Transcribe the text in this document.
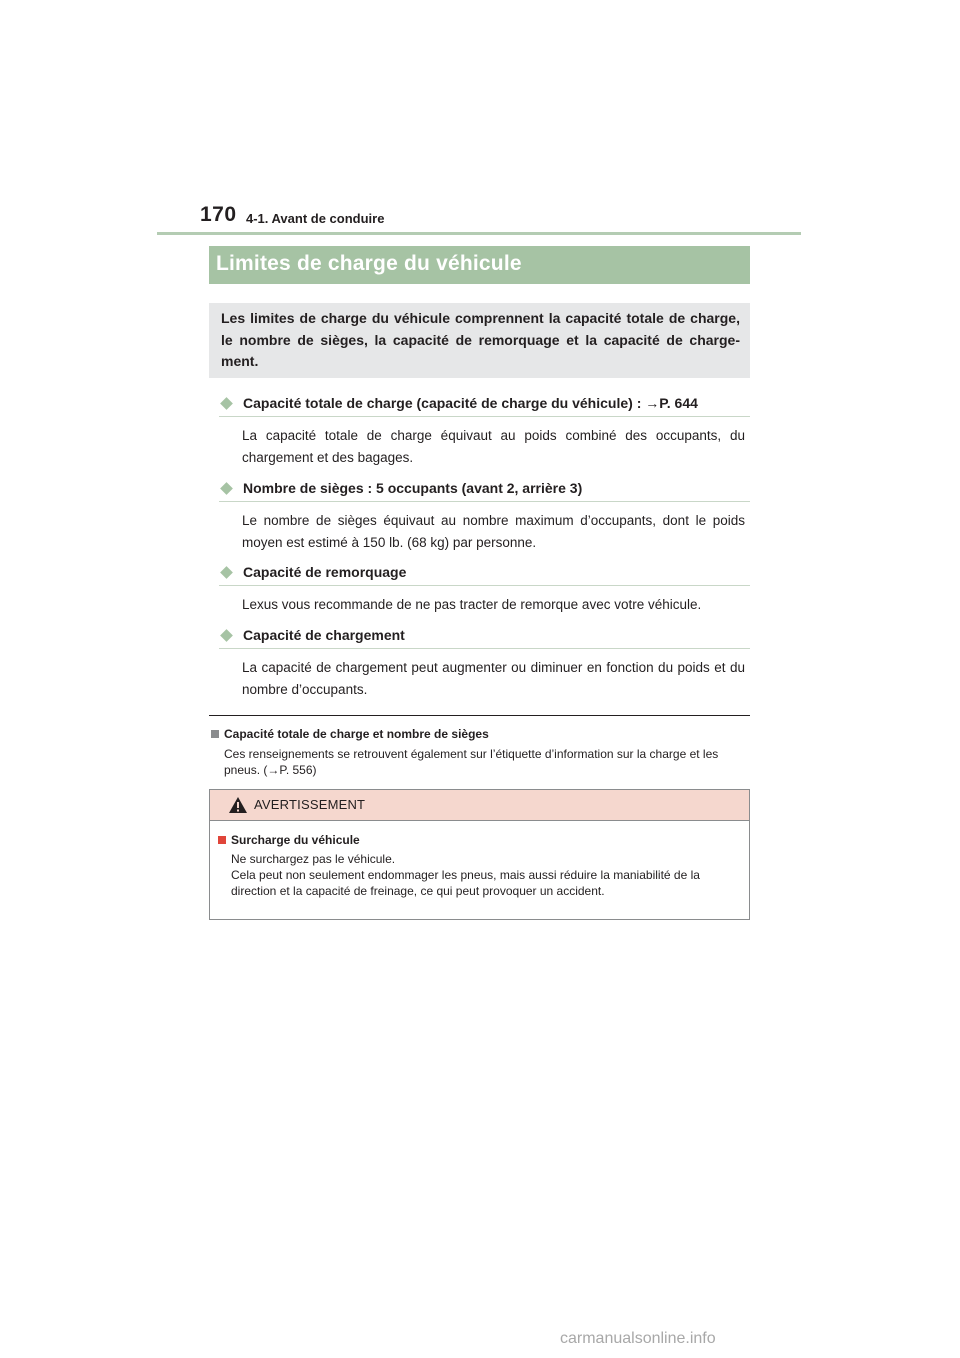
170 4-1. Avant de conduire
Limites de charge du véhicule

Les limites de charge du véhicule comprennent la capacité totale de charge, le nombre de sièges, la capacité de remorquage et la capacité de charge-ment.

Capacité totale de charge (capacité de charge du véhicule) : →P. 644
La capacité totale de charge équivaut au poids combiné des occupants, du chargement et des bagages.
Nombre de sièges : 5 occupants (avant 2, arrière 3)
Le nombre de sièges équivaut au nombre maximum d’occupants, dont le poids moyen est estimé à 150 lb. (68 kg) par personne.
Capacité de remorquage
Lexus vous recommande de ne pas tracter de remorque avec votre véhicule.
Capacité de chargement
La capacité de chargement peut augmenter ou diminuer en fonction du poids et du nombre d’occupants.
Capacité totale de charge et nombre de sièges
Ces renseignements se retrouvent également sur l’étiquette d’information sur la charge et les pneus. (→P. 556)
AVERTISSEMENT
Surcharge du véhicule
Ne surchargez pas le véhicule.
Cela peut non seulement endommager les pneus, mais aussi réduire la maniabilité de la direction et la capacité de freinage, ce qui peut provoquer un accident.
carmanualsonline.info
